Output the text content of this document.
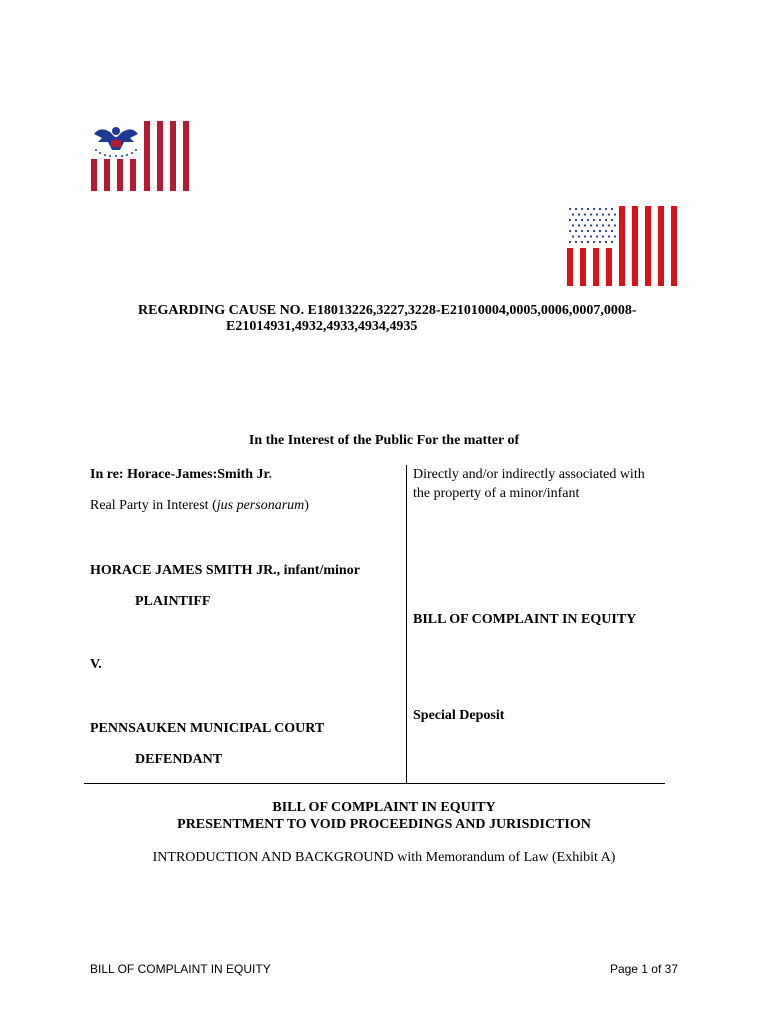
REGARDING CAUSE NO. E18013226,3227,3228-E21010004,0005,0006,0007,0008-
E21014931,4932,4933,4934,4935
In the Interest of the Public For the matter of
In re: Horace-James:Smith Jr.
Real Party in Interest (jus personarum)
HORACE JAMES SMITH JR., infant/minor
PLAINTIFF
V.
PENNSAUKEN MUNICIPAL COURT
DEFENDANT
Directly and/or indirectly associated with
the property of a minor/infant
BILL OF COMPLAINT IN EQUITY
Special Deposit
BILL OF COMPLAINT IN EQUITY
PRESENTMENT TO VOID PROCEEDINGS AND JURISDICTION
INTRODUCTION AND BACKGROUND with Memorandum of Law (Exhibit A)
BILL OF COMPLAINT IN EQUITY	Page 1 of 37
